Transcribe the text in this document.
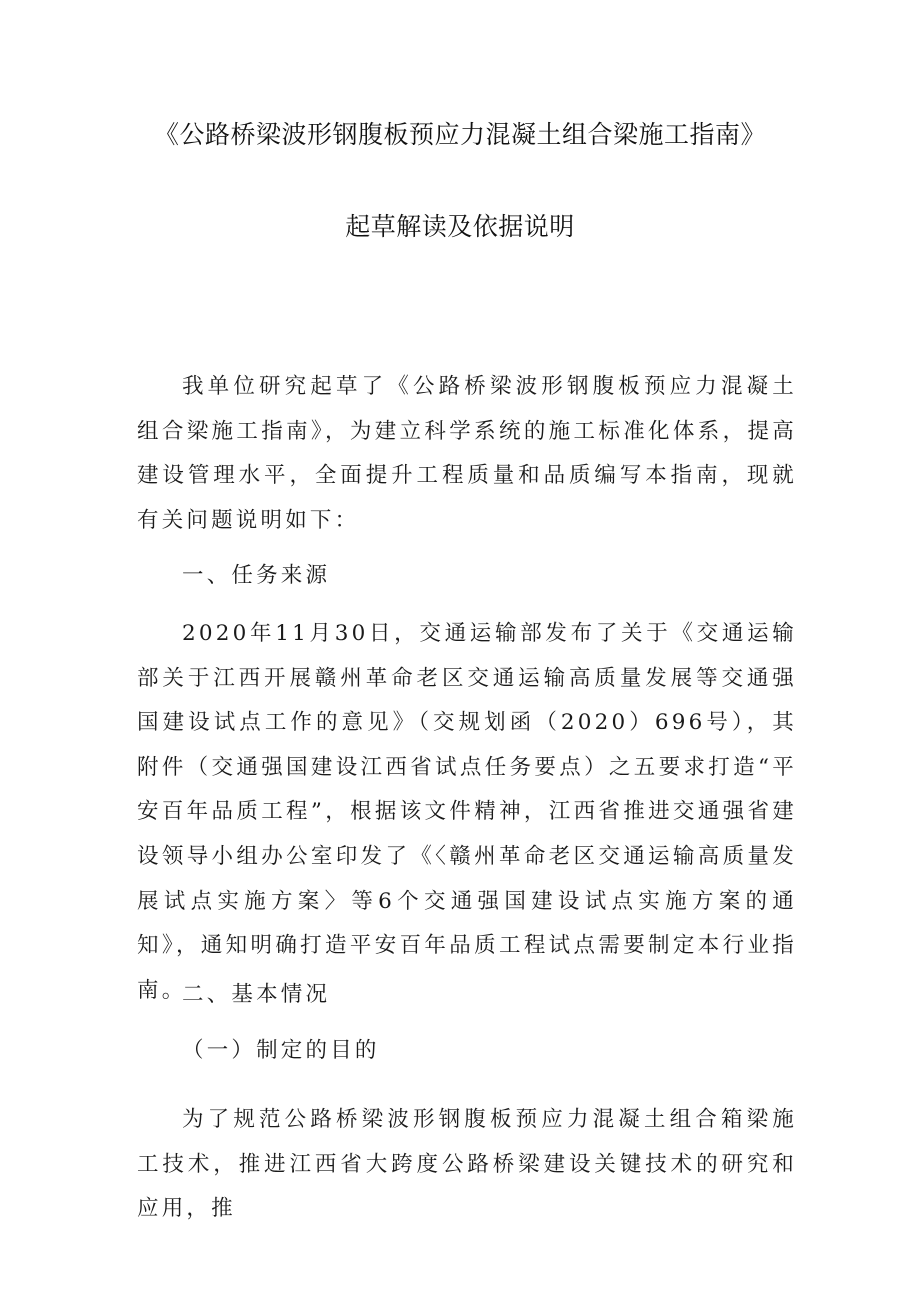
《公路桥梁波形钢腹板预应力混凝土组合梁施工指南》
起草解读及依据说明
我单位研究起草了《公路桥梁波形钢腹板预应力混凝土组合梁施工指南》，为建立科学系统的施工标准化体系，提高建设管理水平，全面提升工程质量和品质编写本指南，现就有关问题说明如下：
一、任务来源
2020年11月30日，交通运输部发布了关于《交通运输部关于江西开展赣州革命老区交通运输高质量发展等交通强国建设试点工作的意见》（交规划函（2020）696号），其附件（交通强国建设江西省试点任务要点）之五要求打造“平安百年品质工程”，根据该文件精神，江西省推进交通强省建设领导小组办公室印发了《〈赣州革命老区交通运输高质量发展试点实施方案〉等6个交通强国建设试点实施方案的通知》，通知明确打造平安百年品质工程试点需要制定本行业指南。
二、基本情况
（一）制定的目的
为了规范公路桥梁波形钢腹板预应力混凝土组合箱梁施工技术，推进江西省大跨度公路桥梁建设关键技术的研究和应用，推
